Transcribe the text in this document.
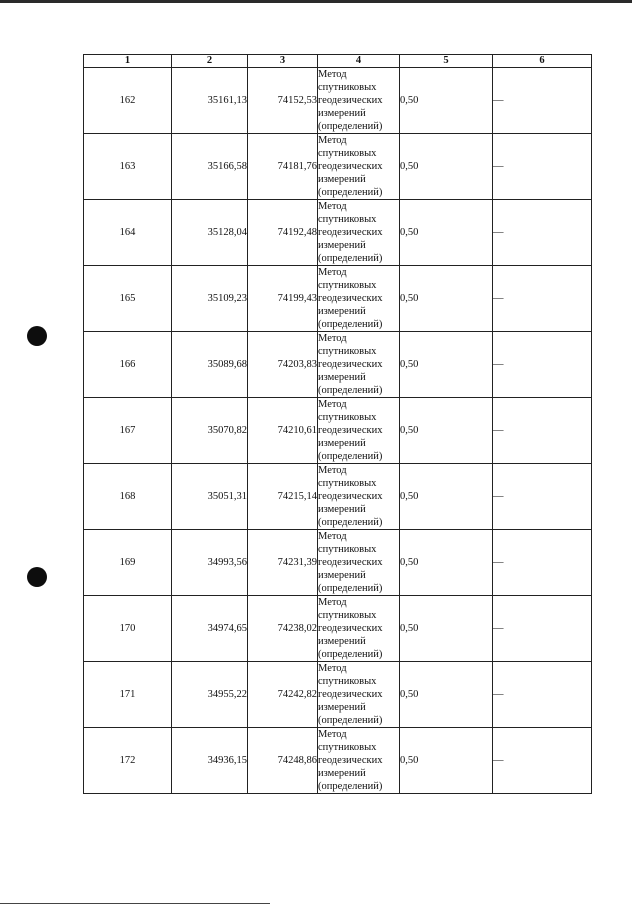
1	2	3	4	5	6
162	35161,13	74152,53	Метод
спутниковых
геодезических
измерений
(определений)	0,50	—
163	35166,58	74181,76	Метод
спутниковых
геодезических
измерений
(определений)	0,50	—
164	35128,04	74192,48	Метод
спутниковых
геодезических
измерений
(определений)	0,50	—
165	35109,23	74199,43	Метод
спутниковых
геодезических
измерений
(определений)	0,50	—
166	35089,68	74203,83	Метод
спутниковых
геодезических
измерений
(определений)	0,50	—
167	35070,82	74210,61	Метод
спутниковых
геодезических
измерений
(определений)	0,50	—
168	35051,31	74215,14	Метод
спутниковых
геодезических
измерений
(определений)	0,50	—
169	34993,56	74231,39	Метод
спутниковых
геодезических
измерений
(определений)	0,50	—
170	34974,65	74238,02	Метод
спутниковых
геодезических
измерений
(определений)	0,50	—
171	34955,22	74242,82	Метод
спутниковых
геодезических
измерений
(определений)	0,50	—
172	34936,15	74248,86	Метод
спутниковых
геодезических
измерений
(определений)	0,50	—
